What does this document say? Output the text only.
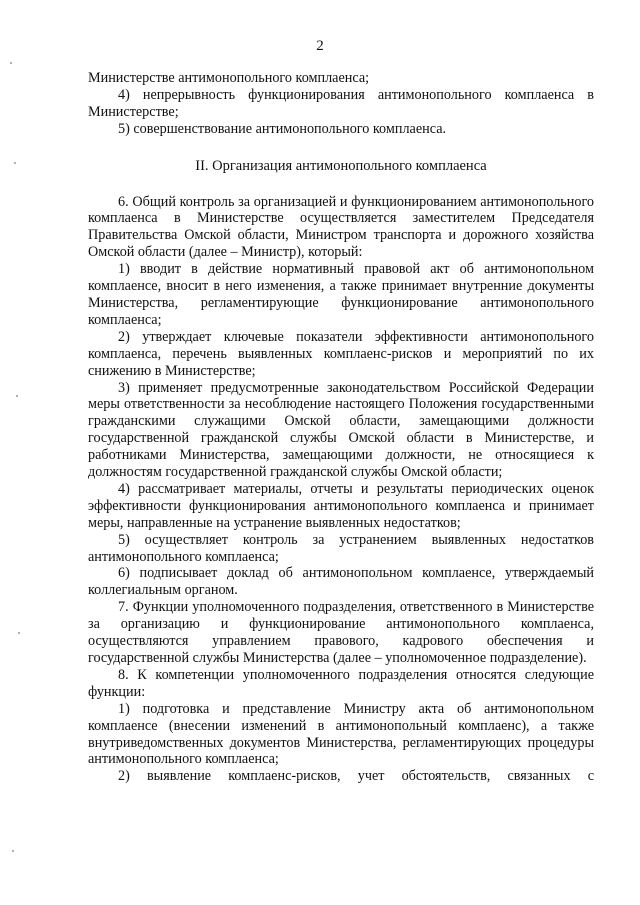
2

Министерстве антимонопольного комплаенса;

4) непрерывность функционирования антимонопольного комплаенса в Министерстве;

5) совершенствование антимонопольного комплаенса.

II. Организация антимонопольного комплаенса

6. Общий контроль за организацией и функционированием антимонопольного комплаенса в Министерстве осуществляется заместителем Председателя Правительства Омской области, Министром транспорта и дорожного хозяйства Омской области (далее – Министр), который:

1) вводит в действие нормативный правовой акт об антимонопольном комплаенсе, вносит в него изменения, а также принимает внутренние документы Министерства, регламентирующие функционирование антимонопольного комплаенса;

2) утверждает ключевые показатели эффективности антимонопольного комплаенса, перечень выявленных комплаенс-рисков и мероприятий по их снижению в Министерстве;

3) применяет предусмотренные законодательством Российской Федерации меры ответственности за несоблюдение настоящего Положения государственными гражданскими служащими Омской области, замещающими должности государственной гражданской службы Омской области в Министерстве, и работниками Министерства, замещающими должности, не относящиеся к должностям государственной гражданской службы Омской области;

4) рассматривает материалы, отчеты и результаты периодических оценок эффективности функционирования антимонопольного комплаенса и принимает меры, направленные на устранение выявленных недостатков;

5) осуществляет контроль за устранением выявленных недостатков антимонопольного комплаенса;

6) подписывает доклад об антимонопольном комплаенсе, утверждаемый коллегиальным органом.

7. Функции уполномоченного подразделения, ответственного в Министерстве за организацию и функционирование антимонопольного комплаенса, осуществляются управлением правового, кадрового обеспечения и государственной службы Министерства (далее – уполномоченное подразделение).

8. К компетенции уполномоченного подразделения относятся следующие функции:

1) подготовка и представление Министру акта об антимонопольном комплаенсе (внесении изменений в антимонопольный комплаенс), а также внутриведомственных документов Министерства, регламентирующих процедуры антимонопольного комплаенса;

2) выявление комплаенс-рисков, учет обстоятельств, связанных с
